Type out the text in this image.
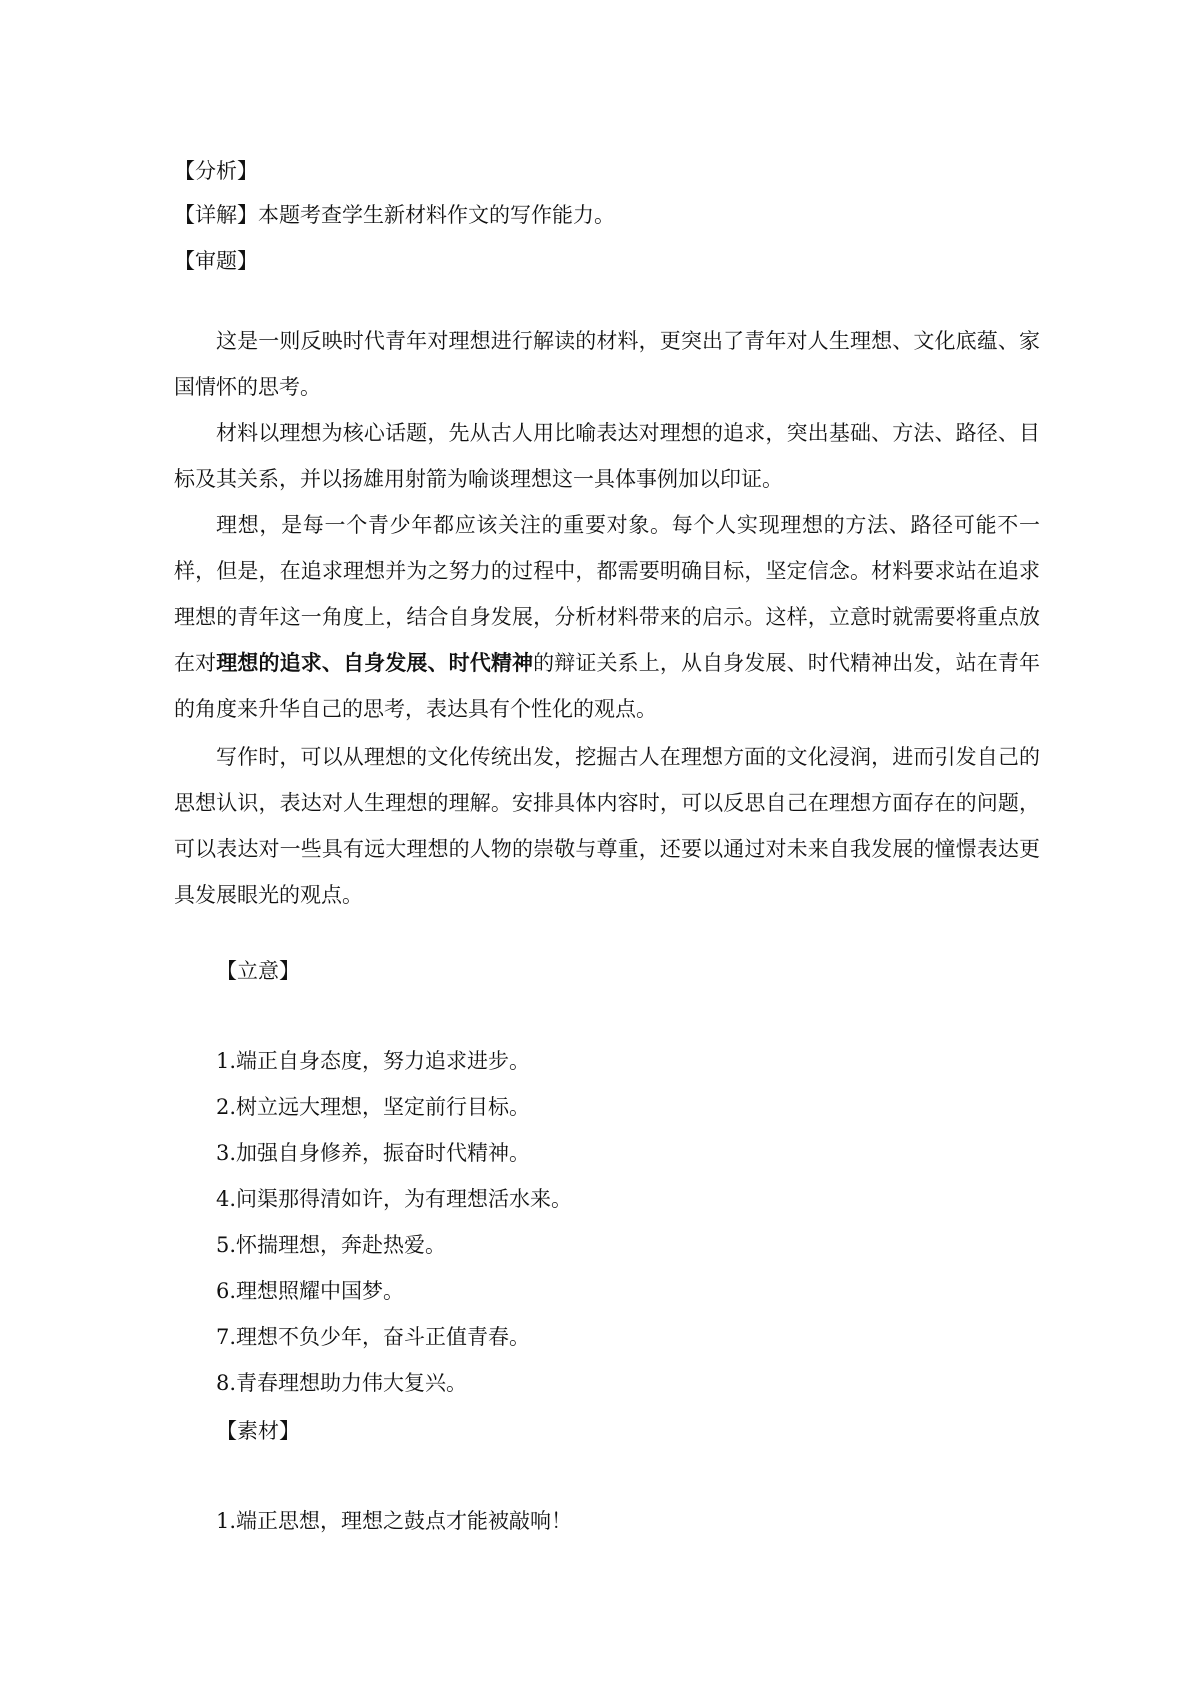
【分析】
【详解】本题考查学生新材料作文的写作能力。
【审题】

这是一则反映时代青年对理想进行解读的材料，更突出了青年对人生理想、文化底蕴、家国情怀的思考。

材料以理想为核心话题，先从古人用比喻表达对理想的追求，突出基础、方法、路径、目标及其关系，并以扬雄用射箭为喻谈理想这一具体事例加以印证。

理想，是每一个青少年都应该关注的重要对象。每个人实现理想的方法、路径可能不一样，但是，在追求理想并为之努力的过程中，都需要明确目标，坚定信念。材料要求站在追求理想的青年这一角度上，结合自身发展，分析材料带来的启示。这样，立意时就需要将重点放在对理想的追求、自身发展、时代精神的辩证关系上，从自身发展、时代精神出发，站在青年的角度来升华自己的思考，表达具有个性化的观点。

写作时，可以从理想的文化传统出发，挖掘古人在理想方面的文化浸润，进而引发自己的思想认识，表达对人生理想的理解。安排具体内容时，可以反思自己在理想方面存在的问题，可以表达对一些具有远大理想的人物的崇敬与尊重，还要以通过对未来自我发展的憧憬表达更具发展眼光的观点。

【立意】
1.端正自身态度，努力追求进步。
2.树立远大理想，坚定前行目标。
3.加强自身修养，振奋时代精神。
4.问渠那得清如许，为有理想活水来。
5.怀揣理想，奔赴热爱。
6.理想照耀中国梦。
7.理想不负少年，奋斗正值青春。
8.青春理想助力伟大复兴。
【素材】
1.端正思想，理想之鼓点才能被敲响！
